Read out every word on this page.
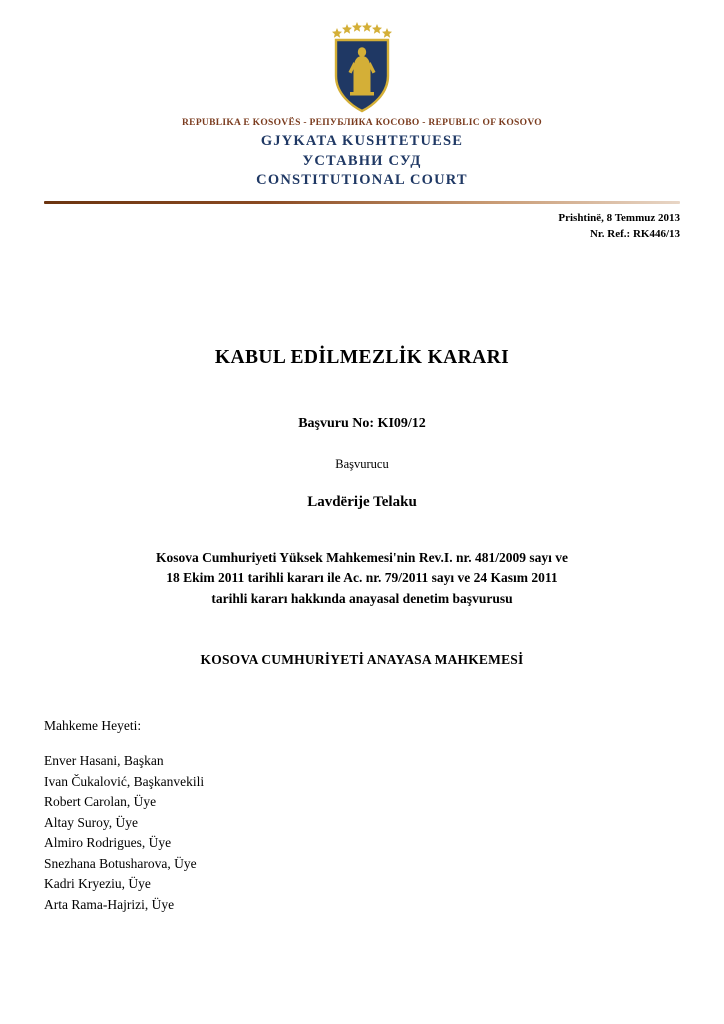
REPUBLIKA E KOSOVËS - РЕПУБЛИКА КОСОВО - REPUBLIC OF KOSOVO
GJYKATA KUSHTETUESE
УСТАВНИ СУД
CONSTITUTIONAL COURT
Prishtinë, 8 Temmuz 2013
Nr. Ref.: RK446/13
KABUL EDİLMEZLİK KARARI
Başvuru No: KI09/12
Başvurucu
Lavdërije Telaku
Kosova Cumhuriyeti Yüksek Mahkemesi'nin Rev.I. nr. 481/2009 sayı ve
18 Ekim 2011 tarihli kararı ile Ac. nr. 79/2011 sayı ve 24 Kasım 2011
tarihli kararı hakkında anayasal denetim başvurusu
KOSOVA CUMHURİYETİ ANAYASA MAHKEMESİ
Mahkeme Heyeti:
Enver Hasani, Başkan
Ivan Čukalović, Başkanvekili
Robert Carolan, Üye
Altay Suroy, Üye
Almiro Rodrigues, Üye
Snezhana Botusharova, Üye
Kadri Kryeziu, Üye
Arta Rama-Hajrizi, Üye
